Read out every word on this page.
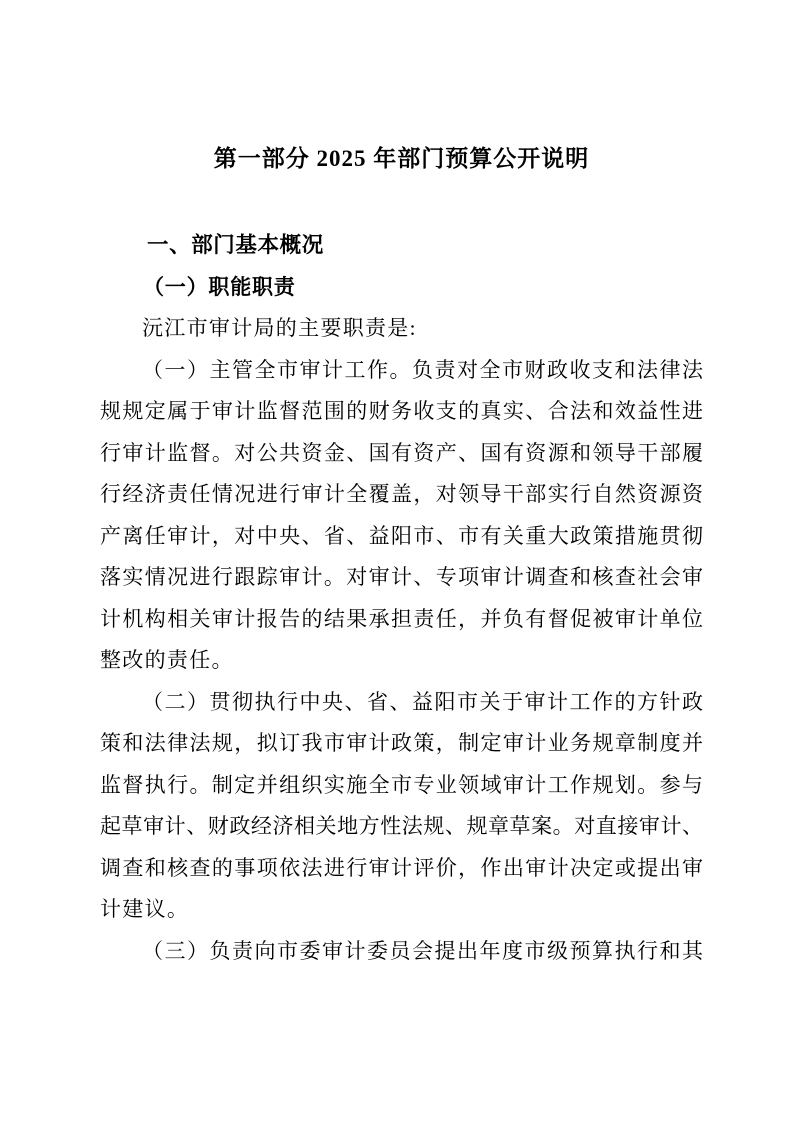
第一部分 2025 年部门预算公开说明
一、部门基本概况
（一）职能职责
沅江市审计局的主要职责是:
（一）主管全市审计工作。负责对全市财政收支和法律法
规规定属于审计监督范围的财务收支的真实、合法和效益性进
行审计监督。对公共资金、国有资产、国有资源和领导干部履
行经济责任情况进行审计全覆盖，对领导干部实行自然资源资
产离任审计，对中央、省、益阳市、市有关重大政策措施贯彻
落实情况进行跟踪审计。对审计、专项审计调查和核查社会审
计机构相关审计报告的结果承担责任，并负有督促被审计单位
整改的责任。
（二）贯彻执行中央、省、益阳市关于审计工作的方针政
策和法律法规，拟订我市审计政策，制定审计业务规章制度并
监督执行。制定并组织实施全市专业领域审计工作规划。参与
起草审计、财政经济相关地方性法规、规章草案。对直接审计、
调查和核查的事项依法进行审计评价，作出审计决定或提出审
计建议。
（三）负责向市委审计委员会提出年度市级预算执行和其
